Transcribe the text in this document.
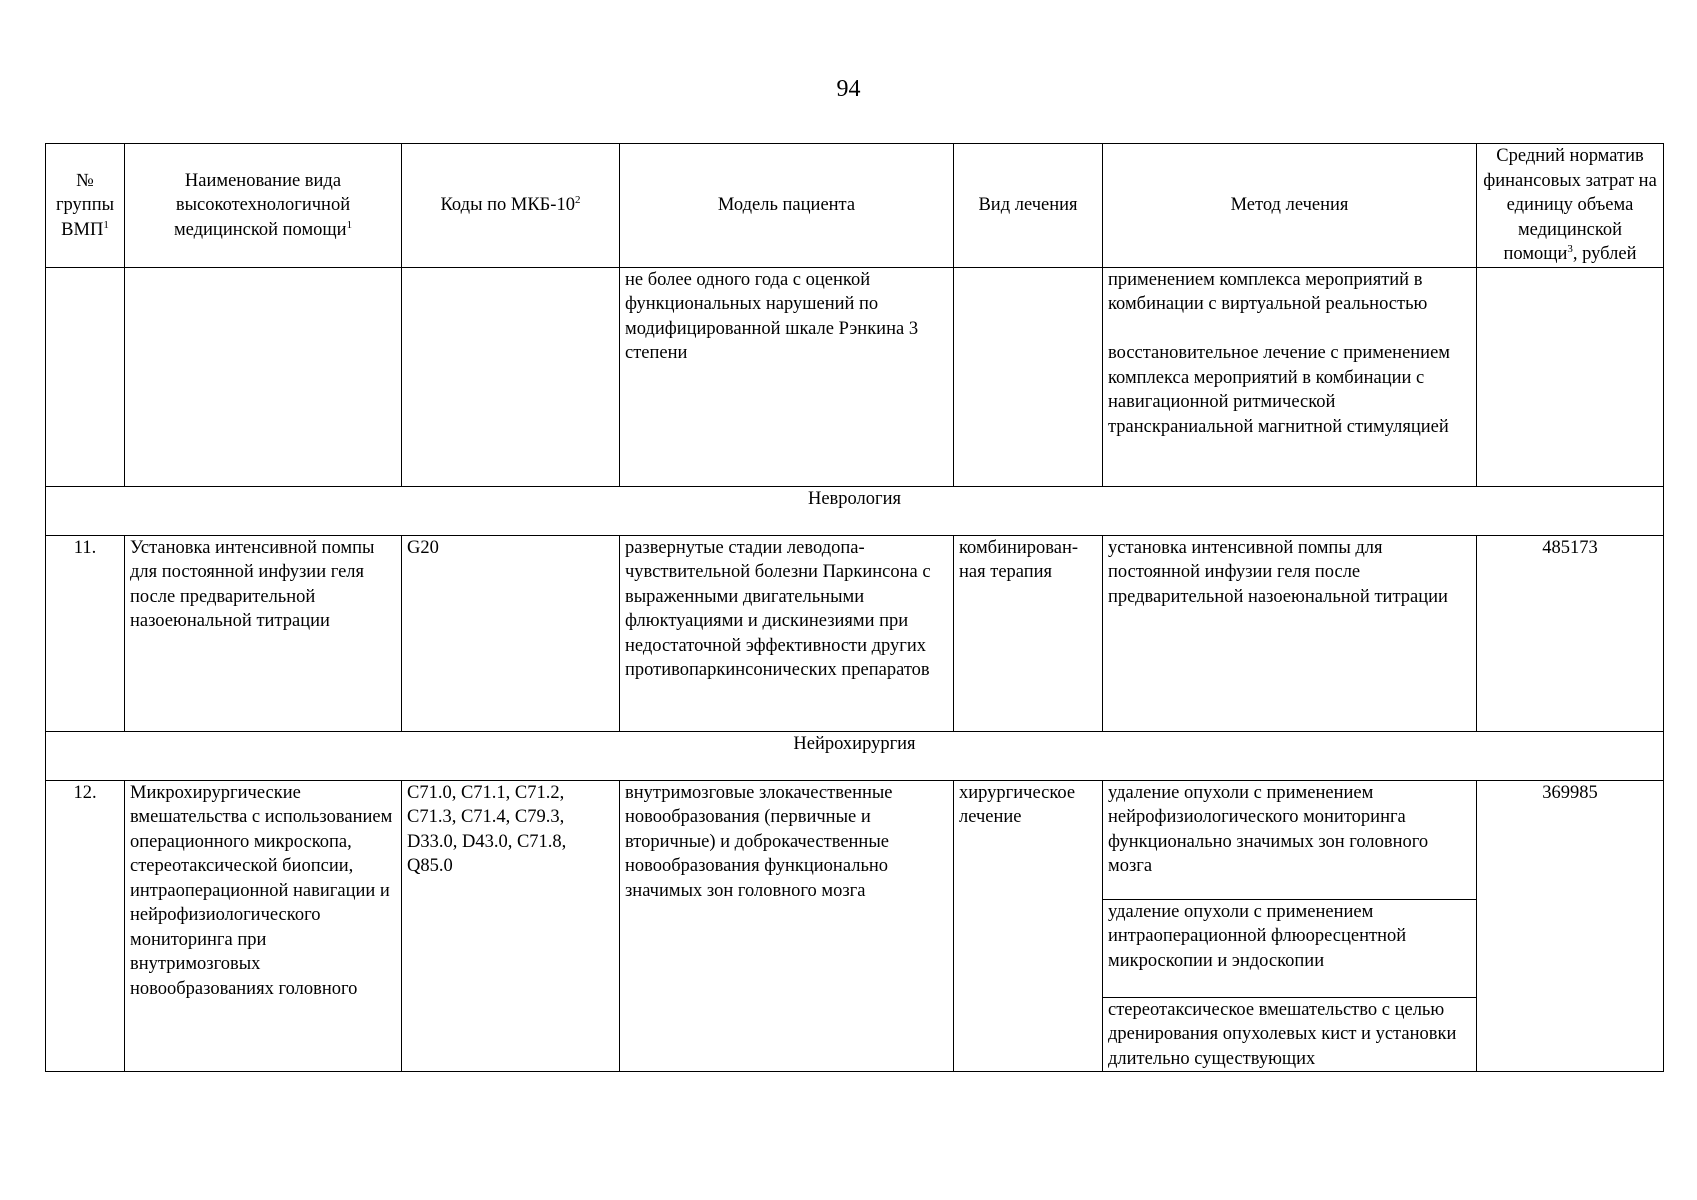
94
№ группы ВМП$^1$	Наименование вида высокотехнологичной медицинской помощи$^1$	Коды по МКБ-$10^2$	Модель пациента	Вид лечения	Метод лечения	Средний норматив финансовых затрат на единицу объема медицинской помощи$^3$, рублей
			не более одного года с оценкой функциональных нарушений по модифицированной шкале Рэнкина 3 степени		применением комплекса мероприятий в комбинации с виртуальной реальностью
восстановительное лечение с применением комплекса мероприятий в комбинации с навигационной ритмической транскраниальной магнитной стимуляцией	
Неврология						
11.	Установка интенсивной помпы для постоянной инфузии геля после предварительной назоеюнальной титрации	G20	развернутые стадии леводопа-чувствительной болезни Паркинсона с выраженными двигательными флюктуациями и дискинезиями при недостаточной эффективности других противопаркинсонических препаратов	комбинирован-ная терапия	установка интенсивной помпы для постоянной инфузии геля после предварительной назоеюнальной титрации	485173
Нейрохирургия						
12.	Микрохирургические вмешательства с использованием операционного микроскопа, стереотаксической биопсии, интраоперационной навигации и нейрофизиологического мониторинга при внутримозговых новообразованиях головного	C71.0, C71.1, C71.2, C71.3, C71.4, C79.3, D33.0, D43.0, C71.8, Q85.0	внутримозговые злокачественные новообразования (первичные и вторичные) и доброкачественные новообразования функционально значимых зон головного мозга	хирургическое лечение	удаление опухоли с применением нейрофизиологического мониторинга функционально значимых зон головного мозга	369985
					удаление опухоли с применением интраоперационной флюоресцентной микроскопии и эндоскопии	
					стереотаксическое вмешательство с целью дренирования опухолевых кист и установки длительно существующих	
